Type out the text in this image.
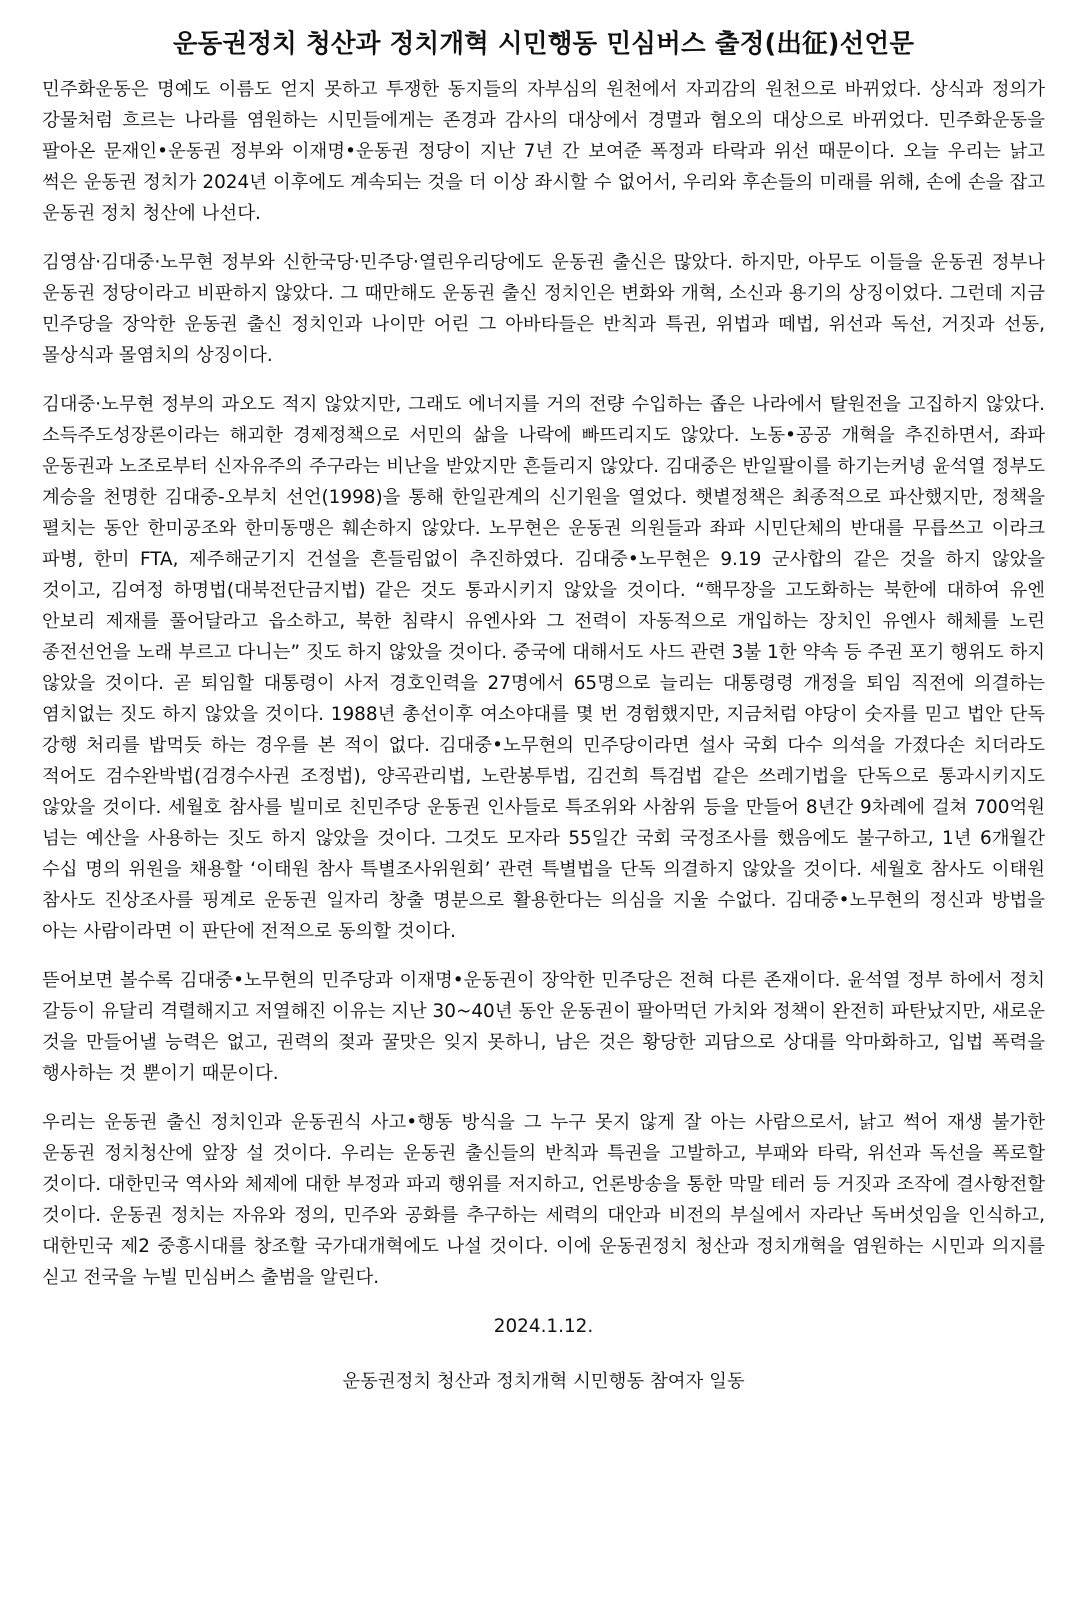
운동권정치 청산과 정치개혁 시민행동 민심버스 출정(出征)선언문

민주화운동은 명예도 이름도 얻지 못하고 투쟁한 동지들의 자부심의 원천에서 자괴감의 원천으로 바뀌었다. 상식과 정의가 강물처럼 흐르는 나라를 염원하는 시민들에게는 존경과 감사의 대상에서 경멸과 혐오의 대상으로 바뀌었다. 민주화운동을 팔아온 문재인•운동권 정부와 이재명•운동권 정당이 지난 7년 간 보여준 폭정과 타락과 위선 때문이다. 오늘 우리는 낡고 썩은 운동권 정치가 2024년 이후에도 계속되는 것을 더 이상 좌시할 수 없어서, 우리와 후손들의 미래를 위해, 손에 손을 잡고 운동권 정치 청산에 나선다.

김영삼·김대중·노무현 정부와 신한국당·민주당·열린우리당에도 운동권 출신은 많았다. 하지만, 아무도 이들을 운동권 정부나 운동권 정당이라고 비판하지 않았다. 그 때만해도 운동권 출신 정치인은 변화와 개혁, 소신과 용기의 상징이었다. 그런데 지금 민주당을 장악한 운동권 출신 정치인과 나이만 어린 그 아바타들은 반칙과 특권, 위법과 떼법, 위선과 독선, 거짓과 선동, 몰상식과 몰염치의 상징이다.

김대중·노무현 정부의 과오도 적지 않았지만, 그래도 에너지를 거의 전량 수입하는 좁은 나라에서 탈원전을 고집하지 않았다. 소득주도성장론이라는 해괴한 경제정책으로 서민의 삶을 나락에 빠뜨리지도 않았다. 노동•공공 개혁을 추진하면서, 좌파 운동권과 노조로부터 신자유주의 주구라는 비난을 받았지만 흔들리지 않았다. 김대중은 반일팔이를 하기는커녕 윤석열 정부도 계승을 천명한 김대중-오부치 선언(1998)을 통해 한일관계의 신기원을 열었다. 햇볕정책은 최종적으로 파산했지만, 정책을 펼치는 동안 한미공조와 한미동맹은 훼손하지 않았다. 노무현은 운동권 의원들과 좌파 시민단체의 반대를 무릅쓰고 이라크 파병, 한미 FTA, 제주해군기지 건설을 흔들림없이 추진하였다. 김대중•노무현은 9.19 군사합의 같은 것을 하지 않았을 것이고, 김여정 하명법(대북전단금지법) 같은 것도 통과시키지 않았을 것이다. “핵무장을 고도화하는 북한에 대하여 유엔 안보리 제재를 풀어달라고 읍소하고, 북한 침략시 유엔사와 그 전력이 자동적으로 개입하는 장치인 유엔사 해체를 노린 종전선언을 노래 부르고 다니는” 짓도 하지 않았을 것이다. 중국에 대해서도 사드 관련 3불 1한 약속 등 주권 포기 행위도 하지 않았을 것이다. 곧 퇴임할 대통령이 사저 경호인력을 27명에서 65명으로 늘리는 대통령령 개정을 퇴임 직전에 의결하는 염치없는 짓도 하지 않았을 것이다. 1988년 총선이후 여소야대를 몇 번 경험했지만, 지금처럼 야당이 숫자를 믿고 법안 단독 강행 처리를 밥먹듯 하는 경우를 본 적이 없다. 김대중•노무현의 민주당이라면 설사 국회 다수 의석을 가졌다손 치더라도 적어도 검수완박법(검경수사권 조정법), 양곡관리법, 노란봉투법, 김건희 특검법 같은 쓰레기법을 단독으로 통과시키지도 않았을 것이다. 세월호 참사를 빌미로 친민주당 운동권 인사들로 특조위와 사참위 등을 만들어 8년간 9차례에 걸쳐 700억원 넘는 예산을 사용하는 짓도 하지 않았을 것이다. 그것도 모자라 55일간 국회 국정조사를 했음에도 불구하고, 1년 6개월간 수십 명의 위원을 채용할 ‘이태원 참사 특별조사위원회’ 관련 특별법을 단독 의결하지 않았을 것이다. 세월호 참사도 이태원 참사도 진상조사를 핑계로 운동권 일자리 창출 명분으로 활용한다는 의심을 지울 수없다. 김대중•노무현의 정신과 방법을 아는 사람이라면 이 판단에 전적으로 동의할 것이다.

뜯어보면 볼수록 김대중•노무현의 민주당과 이재명•운동권이 장악한 민주당은 전혀 다른 존재이다. 윤석열 정부 하에서 정치 갈등이 유달리 격렬해지고 저열해진 이유는 지난 30~40년 동안 운동권이 팔아먹던 가치와 정책이 완전히 파탄났지만, 새로운 것을 만들어낼 능력은 없고, 권력의 젖과 꿀맛은 잊지 못하니, 남은 것은 황당한 괴담으로 상대를 악마화하고, 입법 폭력을 행사하는 것 뿐이기 때문이다.

우리는 운동권 출신 정치인과 운동권식 사고•행동 방식을 그 누구 못지 않게 잘 아는 사람으로서, 낡고 썩어 재생 불가한 운동권 정치청산에 앞장 설 것이다. 우리는 운동권 출신들의 반칙과 특권을 고발하고, 부패와 타락, 위선과 독선을 폭로할 것이다. 대한민국 역사와 체제에 대한 부정과 파괴 행위를 저지하고, 언론방송을 통한 막말 테러 등 거짓과 조작에 결사항전할 것이다. 운동권 정치는 자유와 정의, 민주와 공화를 추구하는 세력의 대안과 비전의 부실에서 자라난 독버섯임을 인식하고, 대한민국 제2 중흥시대를 창조할 국가대개혁에도 나설 것이다. 이에 운동권정치 청산과 정치개혁을 염원하는 시민과 의지를 싣고 전국을 누빌 민심버스 출범을 알린다.

2024.1.12.
운동권정치 청산과 정치개혁 시민행동 참여자 일동
